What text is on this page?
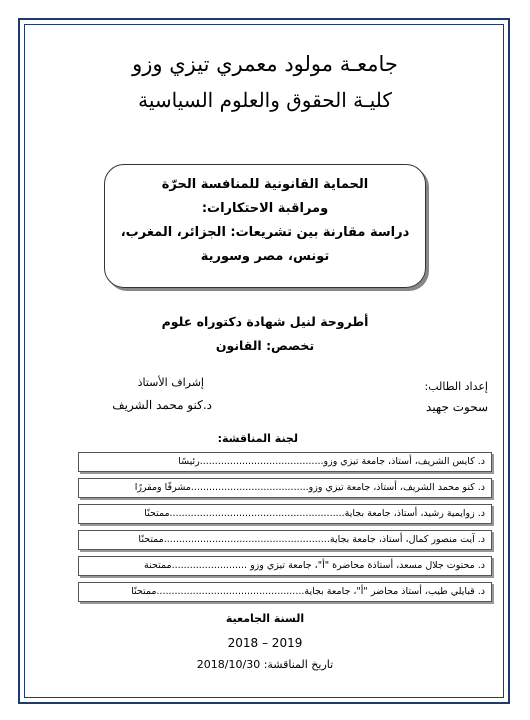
جامعـة مولود معمري تيزي وزو
كليـة الحقوق والعلوم السياسية
الحماية القانونية للمنافسة الحرّة
ومراقبة الاحتكارات:
دراسة مقارنة بين تشريعات: الجزائر، المغرب،
تونس، مصر وسورية
أطروحة لنيل شهادة دكتوراه علوم
تخصص: القانون
إعداد الطالب:
سحوت جهيد
إشراف الأستاذ
د.كنو محمد الشريف
لجنة المناقشة:
د. كايس الشريف، أستاذ، جامعة تيزي وزو.........................................رئيسًا
د. كنو محمد الشريف، أستاذ، جامعة تيزي وزو.......................................مشرفًا ومقررًا
د. زوايمية رشيد، أستاذ، جامعة بجاية..........................................................ممتحنًا
د. آيت منصور كمال، أستاذ، جامعة بجاية.......................................................ممتحنًا
د. محتوت جلال مسعد، أستاذة محاضرة "أ"، جامعة تيزي وزو .........................ممتحنة
د. قبايلي طيب، أستاذ محاضر "أ"، جامعة بجاية.................................................ممتحنًا
السنة الجامعية
2018 – 2019
تاريخ المناقشة: 2018/10/30
